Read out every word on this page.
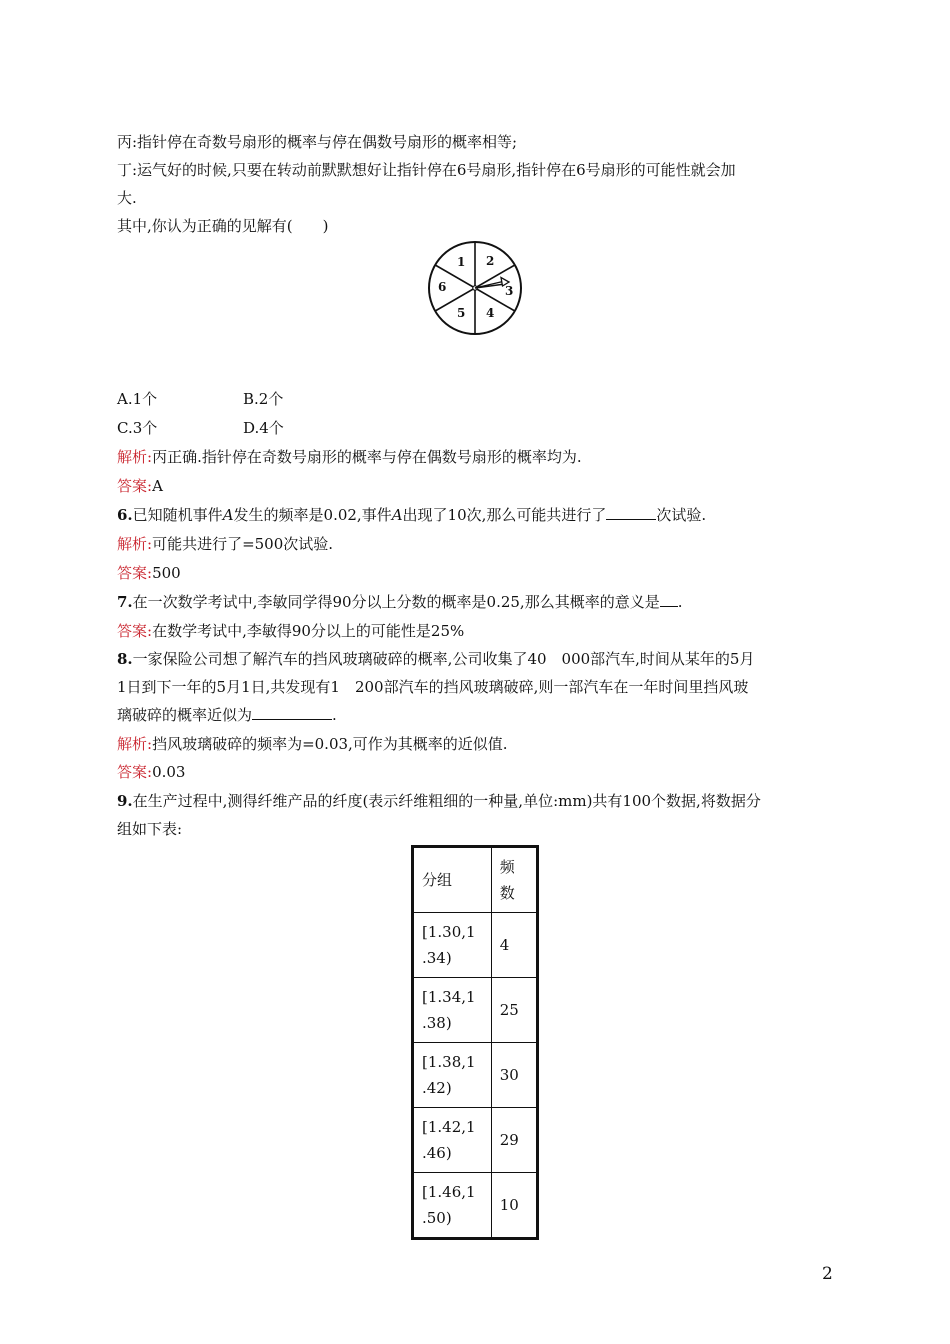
丙:指针停在奇数号扇形的概率与停在偶数号扇形的概率相等;
丁:运气好的时候,只要在转动前默默想好让指针停在6号扇形,指针停在6号扇形的可能性就会加
大.
其中,你认为正确的见解有(　　)
1 2
3
4
5
6
A.1个	B.2个
C.3个	D.4个
解析:丙正确.指针停在奇数号扇形的概率与停在偶数号扇形的概率均为.
答案:A
6.已知随机事件A发生的频率是0.02,事件A出现了10次,那么可能共进行了	次试验.
解析:可能共进行了=500次试验.
答案:500
7.在一次数学考试中,李敏同学得90分以上分数的概率是0.25,那么其概率的意义是 .
答案:在数学考试中,李敏得90分以上的可能性是25%
8.一家保险公司想了解汽车的挡风玻璃破碎的概率,公司收集了40　000部汽车,时间从某年的5月
1日到下一年的5月1日,共发现有1　200部汽车的挡风玻璃破碎,则一部汽车在一年时间里挡风玻
璃破碎的概率近似为	.
解析:挡风玻璃破碎的频率为=0.03,可作为其概率的近似值.
答案:0.03
9.在生产过程中,测得纤维产品的纤度(表示纤维粗细的一种量,单位:mm)共有100个数据,将数据分
组如下表:
分组	频
数
[1.30,1
.34)	4
[1.34,1
.38)	25
[1.38,1
.42)	30
[1.42,1
.46)	29
[1.46,1
.50)	10
2
